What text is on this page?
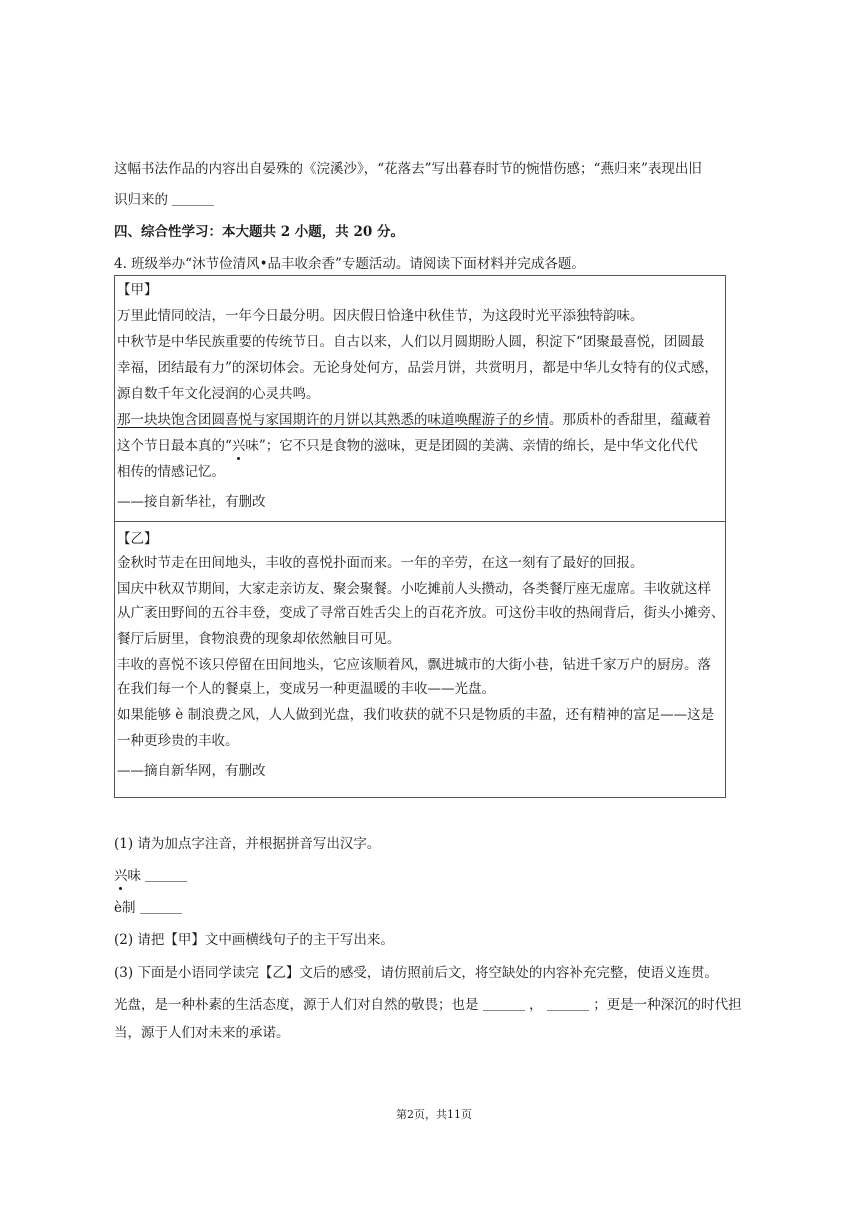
这幅书法作品的内容出自晏殊的《浣溪沙》，“花落去”写出暮春时节的惋惜伤感；“燕归来”表现出旧
识归来的
四、综合性学习：本大题共 2 小题，共 20 分。
4. 班级举办“沐节俭清风•品丰收余香”专题活动。请阅读下面材料并完成各题。
【甲】
万里此情同皎洁，一年今日最分明。因庆假日恰逢中秋佳节，为这段时光平添独特韵味。
中秋节是中华民族重要的传统节日。自古以来，人们以月圆期盼人圆，积淀下“团聚最喜悦，团圆最
幸福，团结最有力”的深切体会。无论身处何方，品尝月饼，共赏明月，都是中华儿女特有的仪式感，
源自数千年文化浸润的心灵共鸣。
那一块块饱含团圆喜悦与家国期许的月饼以其熟悉的味道唤醒游子的乡情。那质朴的香甜里，蕴藏着
这个节日最本真的“兴味”；它不只是食物的滋味，更是团圆的美满、亲情的绵长，是中华文化代代
相传的情感记忆。
——接自新华社，有删改
【乙】
金秋时节走在田间地头，丰收的喜悦扑面而来。一年的辛劳，在这一刻有了最好的回报。
国庆中秋双节期间，大家走亲访友、聚会聚餐。小吃摊前人头攒动，各类餐厅座无虚席。丰收就这样
从广袤田野间的五谷丰登，变成了寻常百姓舌尖上的百花齐放。可这份丰收的热闹背后，街头小摊旁、
餐厅后厨里，食物浪费的现象却依然触目可见。
丰收的喜悦不该只停留在田间地头，它应该顺着风，飘进城市的大街小巷，钻进千家万户的厨房。落
在我们每一个人的餐桌上，变成另一种更温暖的丰收——光盘。
如果能够 è 制浪费之风，人人做到光盘，我们收获的就不只是物质的丰盈，还有精神的富足——这是
一种更珍贵的丰收。
——摘自新华网，有删改
(1) 请为加点字注音，并根据拼音写出汉字。
兴味
è制
(2) 请把【甲】文中画横线句子的主干写出来。
(3) 下面是小语同学读完【乙】文后的感受，请仿照前后文，将空缺处的内容补充完整，使语义连贯。
光盘，是一种朴素的生活态度，源于人们对自然的敬畏；也是	，	；更是一种深沉的时代担
当，源于人们对未来的承诺。
第2页，共11页
